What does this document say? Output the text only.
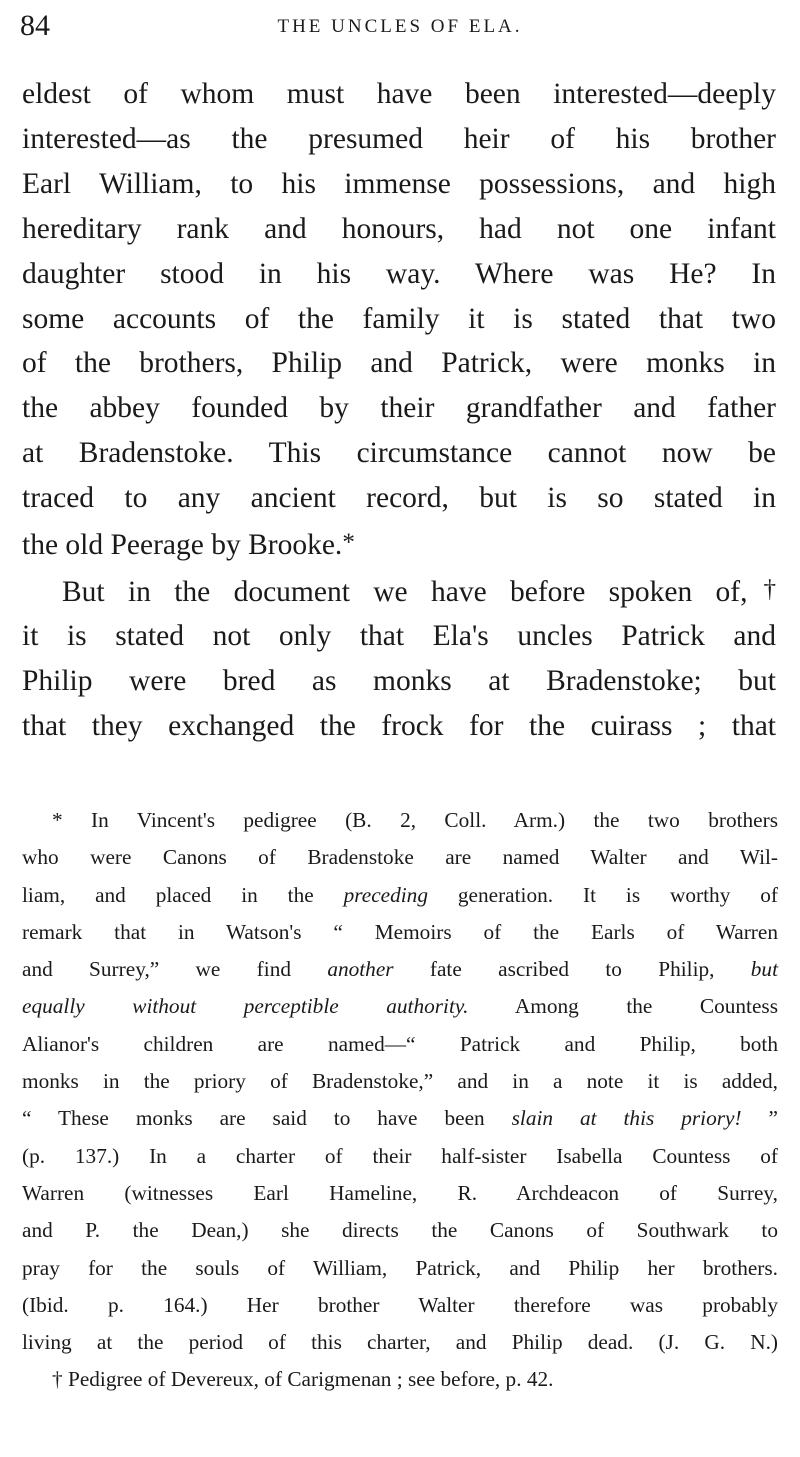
84	THE UNCLES OF ELA.

eldest of whom must have been interested—deeply

interested—as the presumed heir of his brother

Earl William, to his immense possessions, and high

hereditary rank and honours, had not one infant

daughter stood in his way. Where was He? In

some accounts of the family it is stated that two

of the brothers, Philip and Patrick, were monks in

the abbey founded by their grandfather and father

at Bradenstoke. This circumstance cannot now be

traced to any ancient record, but is so stated in

the old Peerage by Brooke.*

But in the document we have before spoken of,†

it is stated not only that Ela's uncles Patrick and

Philip were bred as monks at Bradenstoke; but

that they exchanged the frock for the cuirass ; that

* In Vincent's pedigree (B. 2, Coll. Arm.) the two brothers

who were Canons of Bradenstoke are named Walter and Wil-

liam, and placed in the preceding generation. It is worthy of

remark that in Watson's “ Memoirs of the Earls of Warren

and Surrey,” we find another fate ascribed to Philip, but

equally without perceptible authority. Among the Countess

Alianor's children are named—“ Patrick and Philip, both

monks in the priory of Bradenstoke,” and in a note it is added,

“ These monks are said to have been slain at this priory! ”

(p. 137.) In a charter of their half-sister Isabella Countess of

Warren (witnesses Earl Hameline, R. Archdeacon of Surrey,

and P. the Dean,) she directs the Canons of Southwark to

pray for the souls of William, Patrick, and Philip her brothers.

(Ibid. p. 164.) Her brother Walter therefore was probably

living at the period of this charter, and Philip dead. (J. G. N.)

† Pedigree of Devereux, of Carigmenan ; see before, p. 42.
